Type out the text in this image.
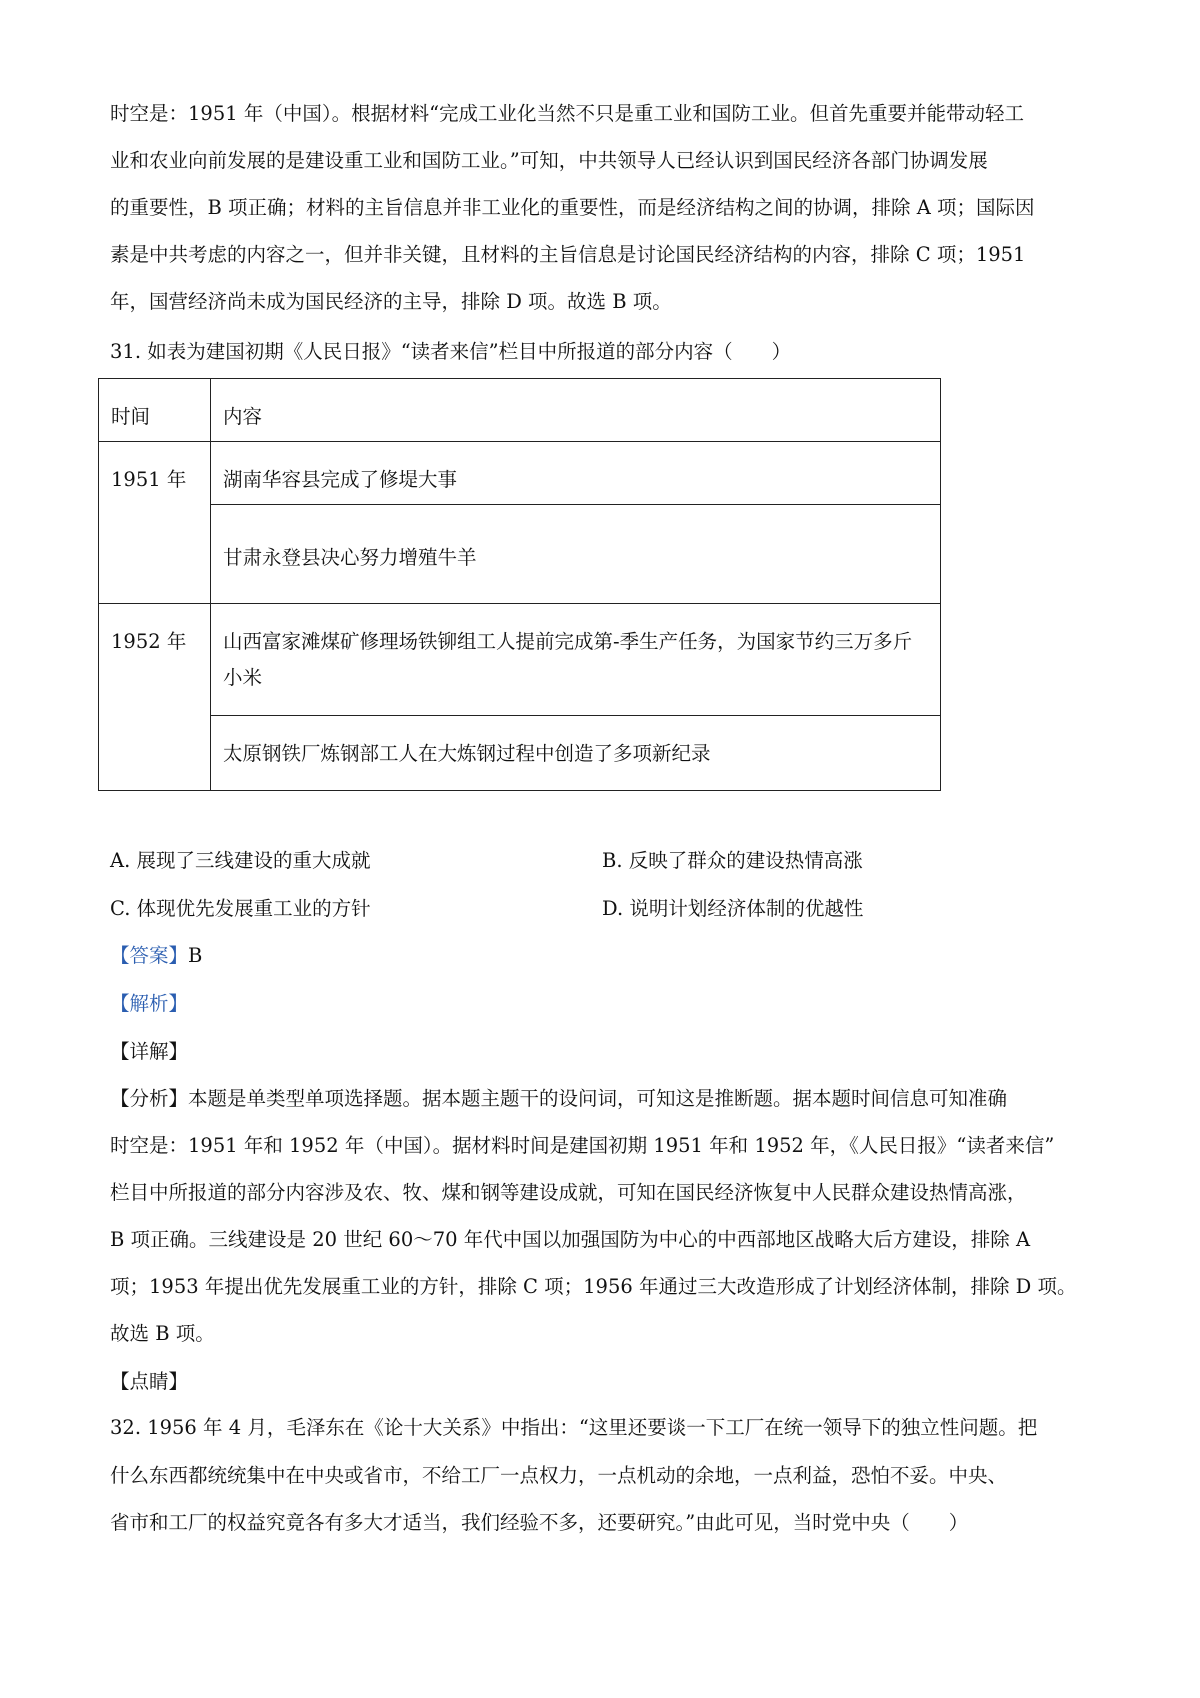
时空是：1951 年（中国）。根据材料“完成工业化当然不只是重工业和国防工业。但首先重要并能带动轻工
业和农业向前发展的是建设重工业和国防工业。”可知，中共领导人已经认识到国民经济各部门协调发展
的重要性，B 项正确；材料的主旨信息并非工业化的重要性，而是经济结构之间的协调，排除 A 项；国际因
素是中共考虑的内容之一，但并非关键，且材料的主旨信息是讨论国民经济结构的内容，排除 C 项；1951
年，国营经济尚未成为国民经济的主导，排除 D 项。故选 B 项。
31. 如表为建国初期《人民日报》“读者来信”栏目中所报道的部分内容（　　）
时间	内容
1951 年	湖南华容县完成了修堤大事
	甘肃永登县决心努力增殖牛羊
1952 年	山西富家滩煤矿修理场铁铆组工人提前完成第-季生产任务，为国家节约三万多斤小米
	太原钢铁厂炼钢部工人在大炼钢过程中创造了多项新纪录
A. 展现了三线建设的重大成就	B. 反映了群众的建设热情高涨
C. 体现优先发展重工业的方针	D. 说明计划经济体制的优越性
【答案】B
【解析】
【详解】
【分析】本题是单类型单项选择题。据本题主题干的设问词，可知这是推断题。据本题时间信息可知准确
时空是：1951 年和 1952 年（中国）。据材料时间是建国初期 1951 年和 1952 年，《人民日报》“读者来信”
栏目中所报道的部分内容涉及农、牧、煤和钢等建设成就，可知在国民经济恢复中人民群众建设热情高涨，
B 项正确。三线建设是 20 世纪 60～70 年代中国以加强国防为中心的中西部地区战略大后方建设，排除 A
项；1953 年提出优先发展重工业的方针，排除 C 项；1956 年通过三大改造形成了计划经济体制，排除 D 项。
故选 B 项。
【点睛】
32. 1956 年 4 月，毛泽东在《论十大关系》中指出：“这里还要谈一下工厂在统一领导下的独立性问题。把
什么东西都统统集中在中央或省市，不给工厂一点权力，一点机动的余地，一点利益，恐怕不妥。中央、
省市和工厂的权益究竟各有多大才适当，我们经验不多，还要研究。”由此可见，当时党中央（　　）
